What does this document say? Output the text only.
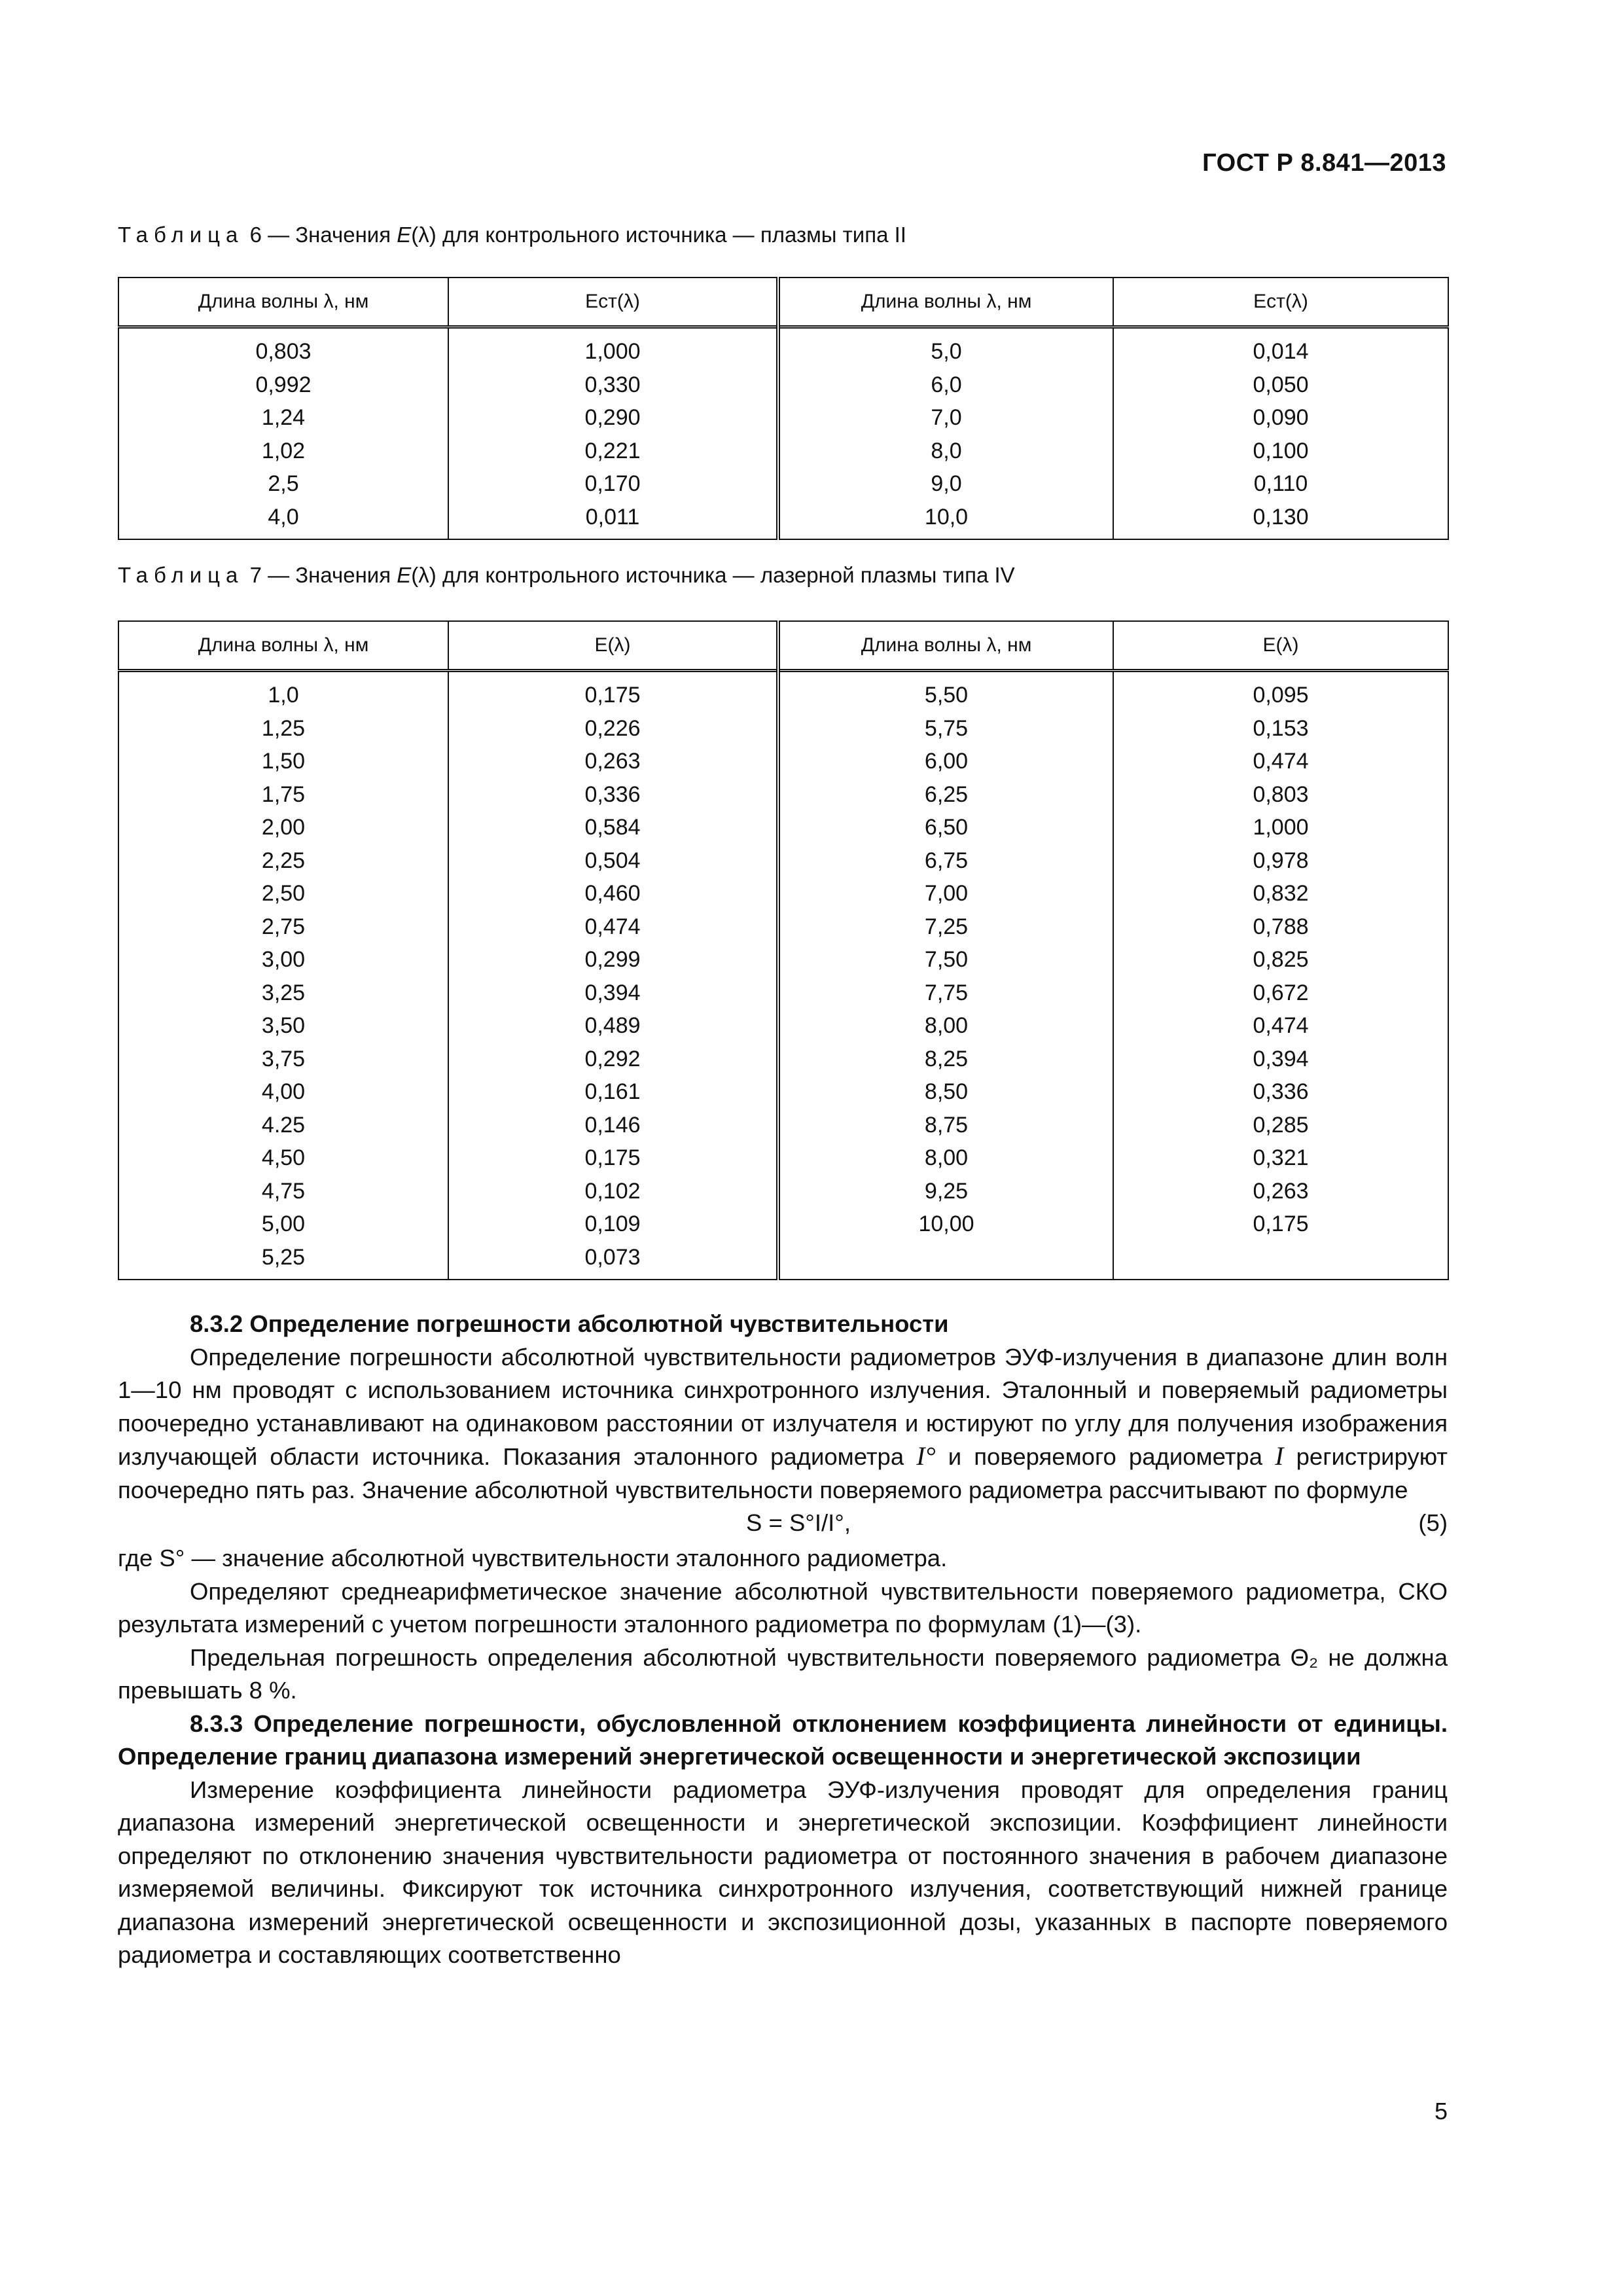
ГОСТ Р 8.841—2013
Таблица 6 — Значения E(λ) для контрольного источника — плазмы типа II
Длина волны λ, нм	Eст(λ)	Длина волны λ, нм	Eст(λ)
0,803	1,000	5,0	0,014
0,992	0,330	6,0	0,050
1,24	0,290	7,0	0,090
1,02	0,221	8,0	0,100
2,5	0,170	9,0	0,110
4,0	0,011	10,0	0,130
Таблица 7 — Значения E(λ) для контрольного источника — лазерной плазмы типа IV
Длина волны λ, нм	E(λ)	Длина волны λ, нм	E(λ)
1,0	0,175	5,50	0,095
1,25	0,226	5,75	0,153
1,50	0,263	6,00	0,474
1,75	0,336	6,25	0,803
2,00	0,584	6,50	1,000
2,25	0,504	6,75	0,978
2,50	0,460	7,00	0,832
2,75	0,474	7,25	0,788
3,00	0,299	7,50	0,825
3,25	0,394	7,75	0,672
3,50	0,489	8,00	0,474
3,75	0,292	8,25	0,394
4,00	0,161	8,50	0,336
4.25	0,146	8,75	0,285
4,50	0,175	8,00	0,321
4,75	0,102	9,25	0,263
5,00	0,109	10,00	0,175
5,25	0,073		
8.3.2 Определение погрешности абсолютной чувствительности
Определение погрешности абсолютной чувствительности радиометров ЭУФ-излучения в диапазоне длин волн 1—10 нм проводят с использованием источника синхротронного излучения. Эталонный и поверяемый радиометры поочередно устанавливают на одинаковом расстоянии от излучателя и юстируют по углу для получения изображения излучающей области источника. Показания эталонного радиометра I° и поверяемого радиометра I регистрируют поочередно пять раз. Значение абсолютной чувствительности поверяемого радиометра рассчитывают по формуле
S = S°I/I°,	(5)
где S° — значение абсолютной чувствительности эталонного радиометра.
Определяют среднеарифметическое значение абсолютной чувствительности поверяемого радиометра, СКО результата измерений с учетом погрешности эталонного радиометра по формулам (1)—(3).
Предельная погрешность определения абсолютной чувствительности поверяемого радиометра Θ₂ не должна превышать 8 %.
8.3.3 Определение погрешности, обусловленной отклонением коэффициента линейности от единицы. Определение границ диапазона измерений энергетической освещенности и энергетической экспозиции
Измерение коэффициента линейности радиометра ЭУФ-излучения проводят для определения границ диапазона измерений энергетической освещенности и энергетической экспозиции. Коэффициент линейности определяют по отклонению значения чувствительности радиометра от постоянного значения в рабочем диапазоне измеряемой величины. Фиксируют ток источника синхротронного излучения, соответствующий нижней границе диапазона измерений энергетической освещенности и экспозиционной дозы, указанных в паспорте поверяемого радиометра и составляющих соответственно
5
